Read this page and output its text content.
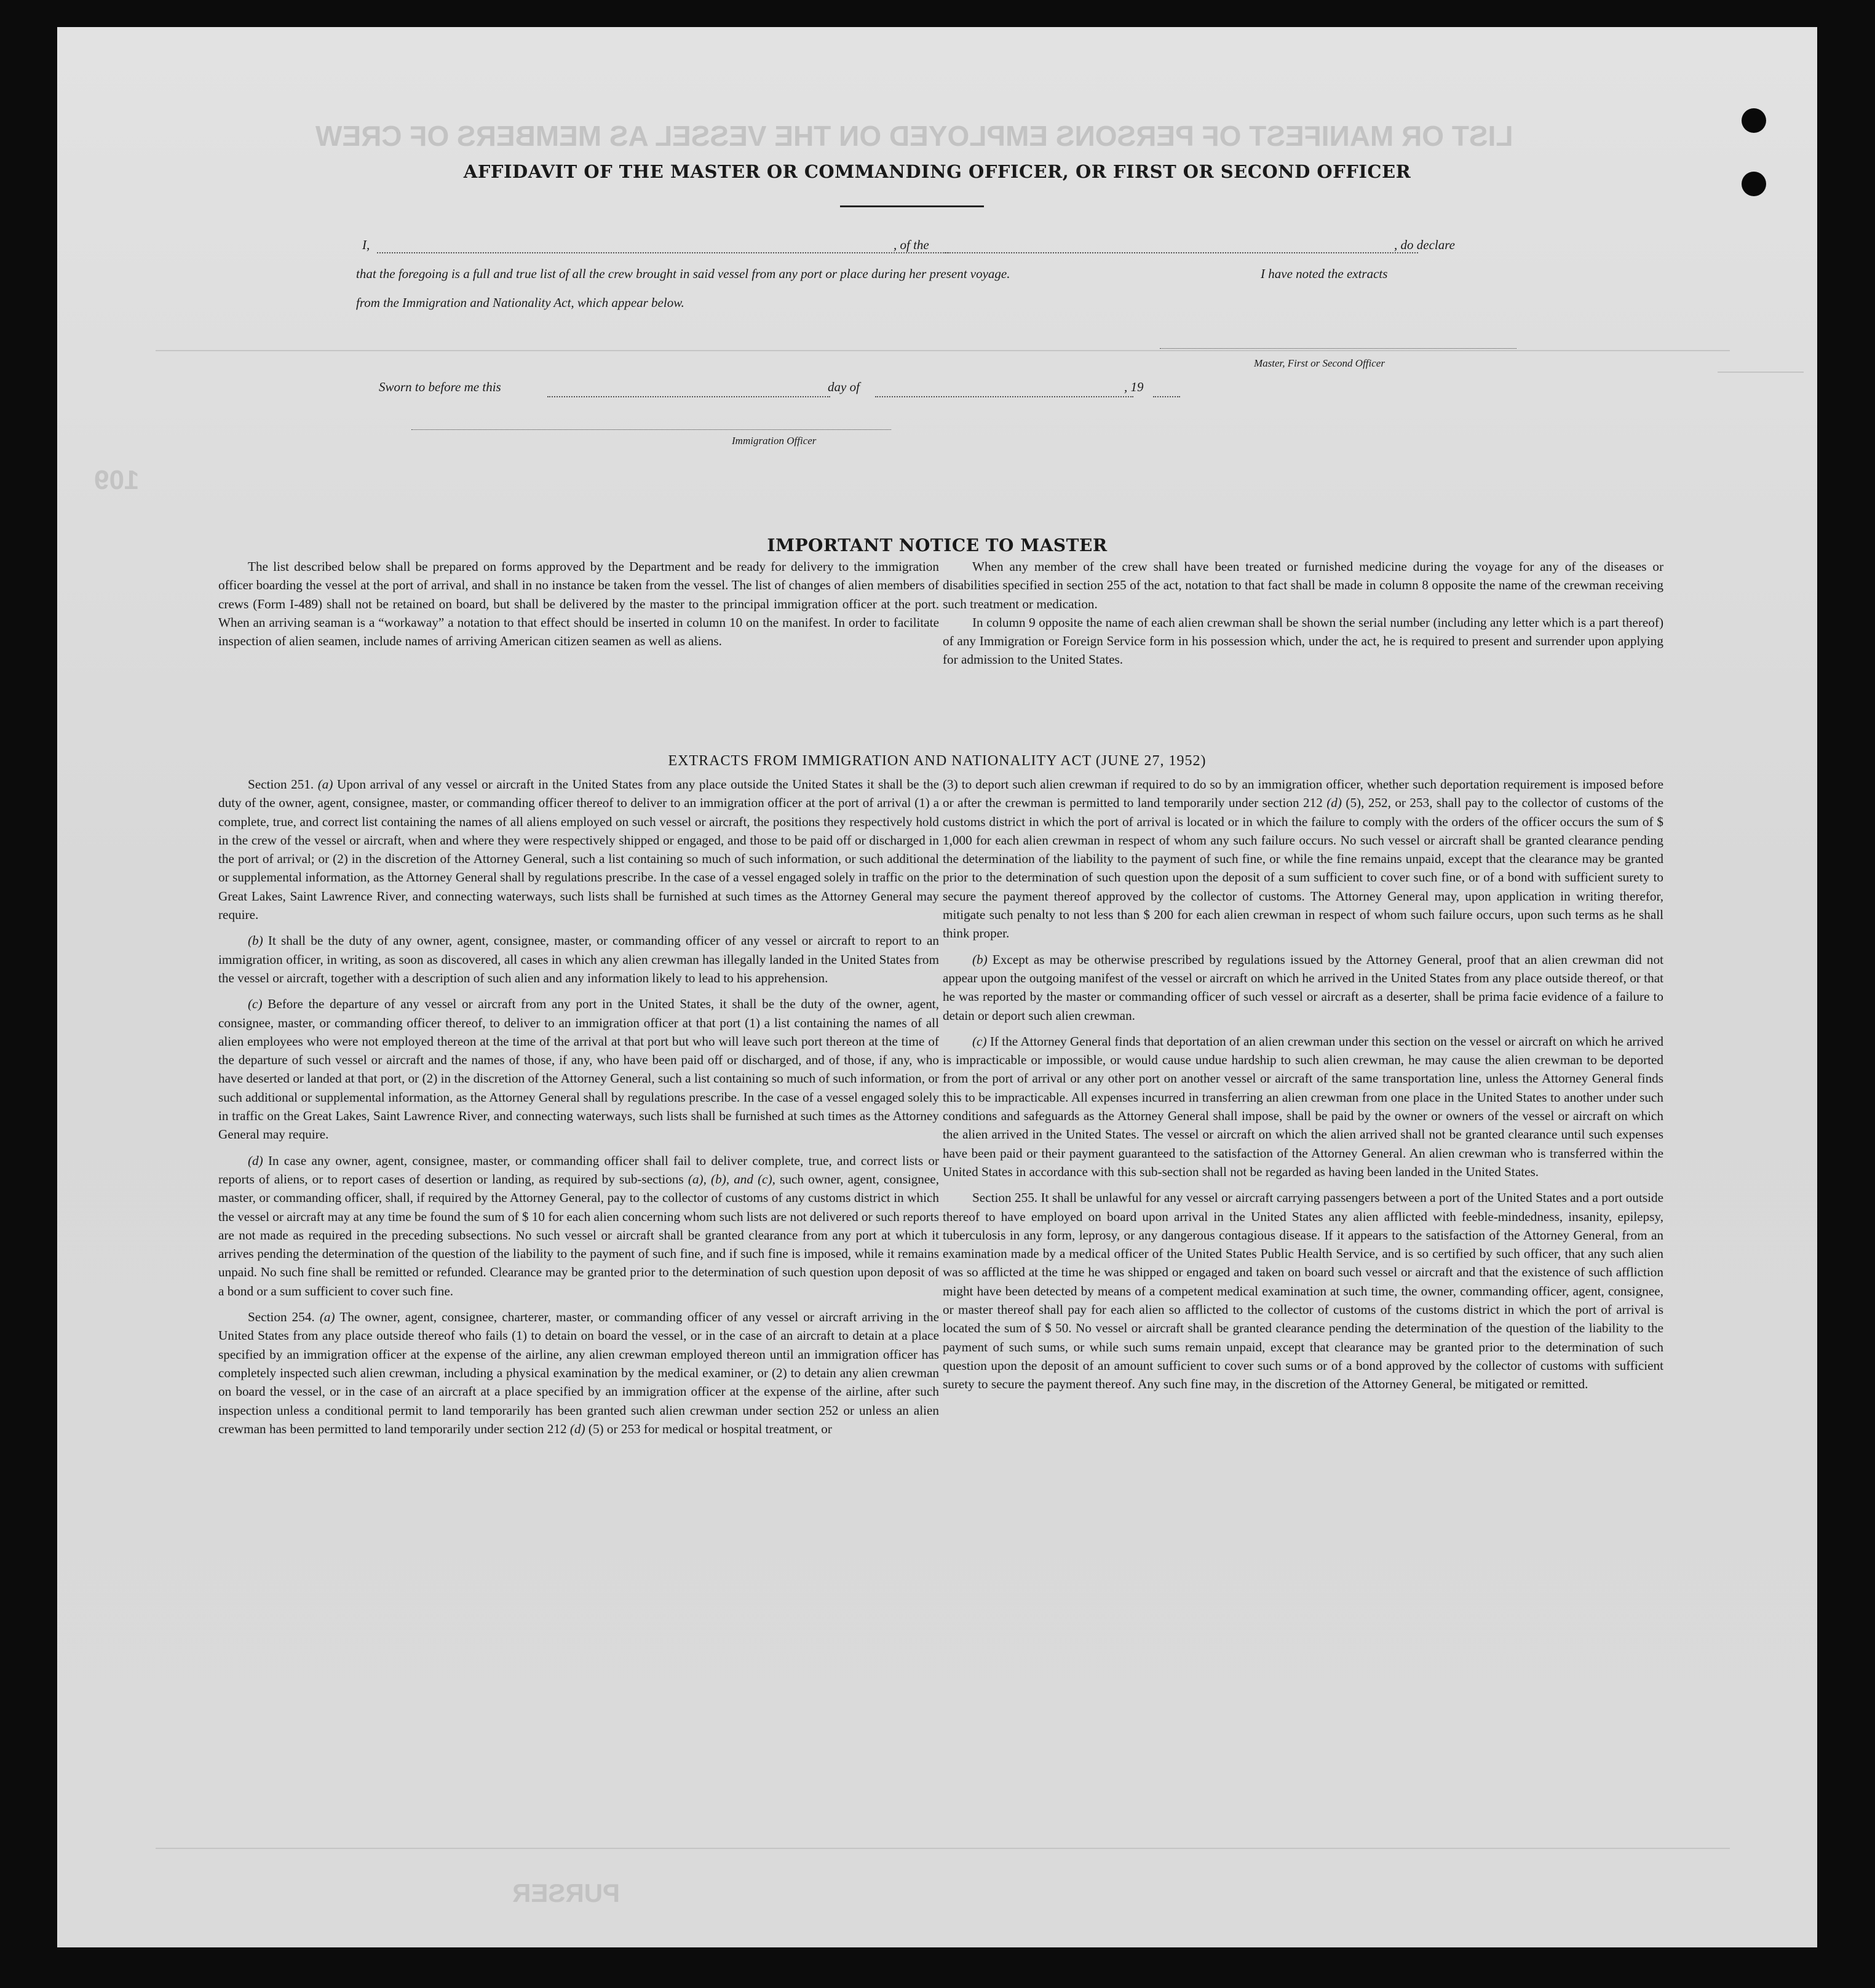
LIST OR MANIFEST OF PERSONS EMPLOYED ON THE VESSEL AS MEMBERS OF CREW
109
PURSER
AFFIDAVIT OF THE MASTER OR COMMANDING OFFICER, OR FIRST OR SECOND OFFICER
I,	, of the	, do declare
that the foregoing is a full and true list of all the crew brought in said vessel from any port or place during her present voyage.	I have noted the extracts
from the Immigration and Nationality Act, which appear below.
Master, First or Second Officer
Sworn to before me this	day of	, 19
Immigration Officer
IMPORTANT NOTICE TO MASTER

The list described below shall be prepared on forms approved by the Department and be ready for delivery to the immigration officer boarding the vessel at the port of arrival, and shall in no instance be taken from the vessel. The list of changes of alien members of crews (Form I-489) shall not be retained on board, but shall be delivered by the master to the principal immigration officer at the port. When an arriving seaman is a “workaway” a notation to that effect should be inserted in column 10 on the manifest. In order to facilitate inspection of alien seamen, include names of arriving American citizen seamen as well as aliens.

When any member of the crew shall have been treated or furnished medicine during the voyage for any of the diseases or disabilities specified in section 255 of the act, notation to that fact shall be made in column 8 opposite the name of the crewman receiving such treatment or medication.

In column 9 opposite the name of each alien crewman shall be shown the serial number (including any letter which is a part thereof) of any Immigration or Foreign Service form in his possession which, under the act, he is required to present and surrender upon applying for admission to the United States.

EXTRACTS FROM IMMIGRATION AND NATIONALITY ACT (JUNE 27, 1952)

Section 251. (a) Upon arrival of any vessel or aircraft in the United States from any place outside the United States it shall be the duty of the owner, agent, consignee, master, or commanding officer thereof to deliver to an immigration officer at the port of arrival (1) a complete, true, and correct list containing the names of all aliens employed on such vessel or aircraft, the positions they respectively hold in the crew of the vessel or aircraft, when and where they were respectively shipped or engaged, and those to be paid off or discharged in the port of arrival; or (2) in the discretion of the Attorney General, such a list containing so much of such information, or such additional or supplemental information, as the Attorney General shall by regulations prescribe. In the case of a vessel engaged solely in traffic on the Great Lakes, Saint Lawrence River, and connecting waterways, such lists shall be furnished at such times as the Attorney General may require.

(b) It shall be the duty of any owner, agent, consignee, master, or commanding officer of any vessel or aircraft to report to an immigration officer, in writing, as soon as discovered, all cases in which any alien crewman has illegally landed in the United States from the vessel or aircraft, together with a description of such alien and any information likely to lead to his apprehension.

(c) Before the departure of any vessel or aircraft from any port in the United States, it shall be the duty of the owner, agent, consignee, master, or commanding officer thereof, to deliver to an immigration officer at that port (1) a list containing the names of all alien employees who were not employed thereon at the time of the arrival at that port but who will leave such port thereon at the time of the departure of such vessel or aircraft and the names of those, if any, who have been paid off or discharged, and of those, if any, who have deserted or landed at that port, or (2) in the discretion of the Attorney General, such a list containing so much of such information, or such additional or supplemental information, as the Attorney General shall by regulations prescribe. In the case of a vessel engaged solely in traffic on the Great Lakes, Saint Lawrence River, and connecting waterways, such lists shall be furnished at such times as the Attorney General may require.

(d) In case any owner, agent, consignee, master, or commanding officer shall fail to deliver complete, true, and correct lists or reports of aliens, or to report cases of desertion or landing, as required by sub-sections (a), (b), and (c), such owner, agent, consignee, master, or commanding officer, shall, if required by the Attorney General, pay to the collector of customs of any customs district in which the vessel or aircraft may at any time be found the sum of $ 10 for each alien concerning whom such lists are not delivered or such reports are not made as required in the preceding subsections. No such vessel or aircraft shall be granted clearance from any port at which it arrives pending the determination of the question of the liability to the payment of such fine, and if such fine is imposed, while it remains unpaid. No such fine shall be remitted or refunded. Clearance may be granted prior to the determination of such question upon deposit of a bond or a sum sufficient to cover such fine.

Section 254. (a) The owner, agent, consignee, charterer, master, or commanding officer of any vessel or aircraft arriving in the United States from any place outside thereof who fails (1) to detain on board the vessel, or in the case of an aircraft to detain at a place specified by an immigration officer at the expense of the airline, any alien crewman employed thereon until an immigration officer has completely inspected such alien crewman, including a physical examination by the medical examiner, or (2) to detain any alien crewman on board the vessel, or in the case of an aircraft at a place specified by an immigration officer at the expense of the airline, after such inspection unless a conditional permit to land temporarily has been granted such alien crewman under section 252 or unless an alien crewman has been permitted to land temporarily under section 212 (d) (5) or 253 for medical or hospital treatment, or

(3) to deport such alien crewman if required to do so by an immigration officer, whether such deportation requirement is imposed before or after the crewman is permitted to land temporarily under section 212 (d) (5), 252, or 253, shall pay to the collector of customs of the customs district in which the port of arrival is located or in which the failure to comply with the orders of the officer occurs the sum of $ 1,000 for each alien crewman in respect of whom any such failure occurs. No such vessel or aircraft shall be granted clearance pending the determination of the liability to the payment of such fine, or while the fine remains unpaid, except that the clearance may be granted prior to the determination of such question upon the deposit of a sum sufficient to cover such fine, or of a bond with sufficient surety to secure the payment thereof approved by the collector of customs. The Attorney General may, upon application in writing therefor, mitigate such penalty to not less than $ 200 for each alien crewman in respect of whom such failure occurs, upon such terms as he shall think proper.

(b) Except as may be otherwise prescribed by regulations issued by the Attorney General, proof that an alien crewman did not appear upon the outgoing manifest of the vessel or aircraft on which he arrived in the United States from any place outside thereof, or that he was reported by the master or commanding officer of such vessel or aircraft as a deserter, shall be prima facie evidence of a failure to detain or deport such alien crewman.

(c) If the Attorney General finds that deportation of an alien crewman under this section on the vessel or aircraft on which he arrived is impracticable or impossible, or would cause undue hardship to such alien crewman, he may cause the alien crewman to be deported from the port of arrival or any other port on another vessel or aircraft of the same transportation line, unless the Attorney General finds this to be impracticable. All expenses incurred in transferring an alien crewman from one place in the United States to another under such conditions and safeguards as the Attorney General shall impose, shall be paid by the owner or owners of the vessel or aircraft on which the alien arrived in the United States. The vessel or aircraft on which the alien arrived shall not be granted clearance until such expenses have been paid or their payment guaranteed to the satisfaction of the Attorney General. An alien crewman who is transferred within the United States in accordance with this sub-section shall not be regarded as having been landed in the United States.

Section 255. It shall be unlawful for any vessel or aircraft carrying passengers between a port of the United States and a port outside thereof to have employed on board upon arrival in the United States any alien afflicted with feeble-mindedness, insanity, epilepsy, tuberculosis in any form, leprosy, or any dangerous contagious disease. If it appears to the satisfaction of the Attorney General, from an examination made by a medical officer of the United States Public Health Service, and is so certified by such officer, that any such alien was so afflicted at the time he was shipped or engaged and taken on board such vessel or aircraft and that the existence of such affliction might have been detected by means of a competent medical examination at such time, the owner, commanding officer, agent, consignee, or master thereof shall pay for each alien so afflicted to the collector of customs of the customs district in which the port of arrival is located the sum of $ 50. No vessel or aircraft shall be granted clearance pending the determination of the question of the liability to the payment of such sums, or while such sums remain unpaid, except that clearance may be granted prior to the determination of such question upon the deposit of an amount sufficient to cover such sums or of a bond approved by the collector of customs with sufficient surety to secure the payment thereof. Any such fine may, in the discretion of the Attorney General, be mitigated or remitted.
